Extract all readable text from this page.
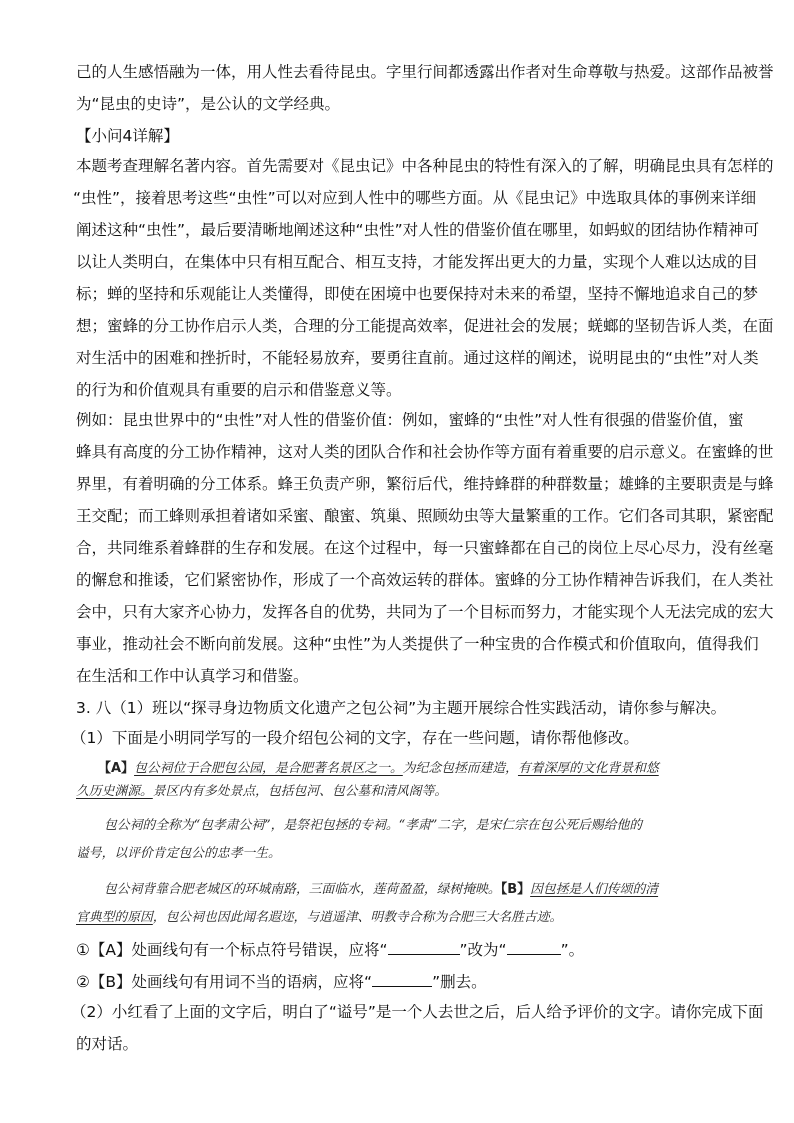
己的人生感悟融为一体，用人性去看待昆虫。字里行间都透露出作者对生命尊敬与热爱。这部作品被誉
为“昆虫的史诗”，是公认的文学经典。
【小问4详解】
本题考查理解名著内容。首先需要对《昆虫记》中各种昆虫的特性有深入的了解，明确昆虫具有怎样的
“虫性”，接着思考这些“虫性”可以对应到人性中的哪些方面。从《昆虫记》中选取具体的事例来详细
阐述这种“虫性”，最后要清晰地阐述这种“虫性”对人性的借鉴价值在哪里，如蚂蚁的团结协作精神可
以让人类明白，在集体中只有相互配合、相互支持，才能发挥出更大的力量，实现个人难以达成的目
标；蝉的坚持和乐观能让人类懂得，即使在困境中也要保持对未来的希望，坚持不懈地追求自己的梦
想；蜜蜂的分工协作启示人类，合理的分工能提高效率，促进社会的发展；蜣螂的坚韧告诉人类，在面
对生活中的困难和挫折时，不能轻易放弃，要勇往直前。通过这样的阐述，说明昆虫的“虫性”对人类
的行为和价值观具有重要的启示和借鉴意义等。
例如：昆虫世界中的“虫性”对人性的借鉴价值：例如，蜜蜂的“虫性”对人性有很强的借鉴价值，蜜
蜂具有高度的分工协作精神，这对人类的团队合作和社会协作等方面有着重要的启示意义。在蜜蜂的世
界里，有着明确的分工体系。蜂王负责产卵，繁衍后代，维持蜂群的种群数量；雄蜂的主要职责是与蜂
王交配；而工蜂则承担着诸如采蜜、酿蜜、筑巢、照顾幼虫等大量繁重的工作。它们各司其职，紧密配
合，共同维系着蜂群的生存和发展。在这个过程中，每一只蜜蜂都在自己的岗位上尽心尽力，没有丝毫
的懈怠和推诿，它们紧密协作，形成了一个高效运转的群体。蜜蜂的分工协作精神告诉我们，在人类社
会中，只有大家齐心协力，发挥各自的优势，共同为了一个目标而努力，才能实现个人无法完成的宏大
事业，推动社会不断向前发展。这种“虫性”为人类提供了一种宝贵的合作模式和价值取向，值得我们
在生活和工作中认真学习和借鉴。
3. 八（1）班以“探寻身边物质文化遗产之包公祠”为主题开展综合性实践活动，请你参与解决。
（1）下面是小明同学写的一段介绍包公祠的文字，存在一些问题，请你帮他修改。
【A】包公祠位于合肥包公园，是合肥著名景区之一。为纪念包拯而建造，有着深厚的文化背景和悠
久历史渊源。景区内有多处景点，包括包河、包公墓和清风阁等。
包公祠的全称为“包孝肃公祠”，是祭祀包拯的专祠。“孝肃”二字，是宋仁宗在包公死后赐给他的
谥号，以评价肯定包公的忠孝一生。
包公祠背靠合肥老城区的环城南路，三面临水，莲荷盈盈，绿树掩映。【B】因包拯是人们传颂的清
官典型的原因，包公祠也因此闻名遐迩，与逍遥津、明教寺合称为合肥三大名胜古迹。
①【A】处画线句有一个标点符号错误，应将“	”改为“	”。
②【B】处画线句有用词不当的语病，应将“	”删去。
（2）小红看了上面的文字后，明白了“谥号”是一个人去世之后，后人给予评价的文字。请你完成下面
的对话。
